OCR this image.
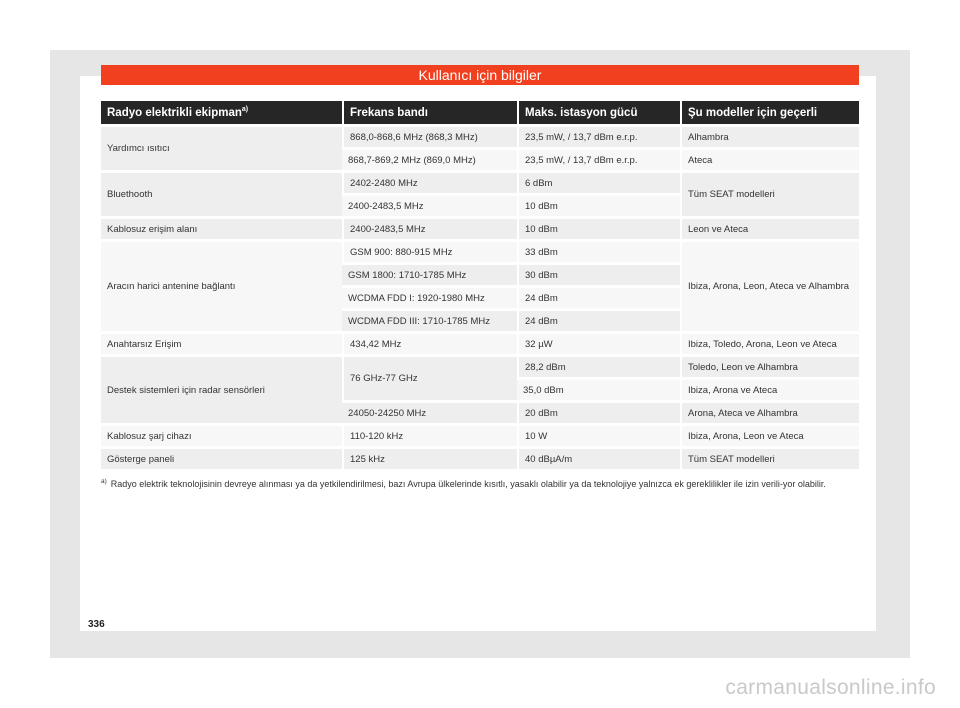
Kullanıcı için bilgiler
Radyo elektrikli ekipman$^{a)}$	Frekans bandı	Maks. istasyon gücü	Şu modeller için geçerli
Yardımcı ısıtıcı	868,0-868,6 MHz (868,3 MHz)	23,5 mW, / 13,7 dBm e.r.p.	Alhambra
	868,7-869,2 MHz (869,0 MHz)	23,5 mW, / 13,7 dBm e.r.p.	Ateca
Bluethooth	2402-2480 MHz	6 dBm	Tüm SEAT modelleri
	2400-2483,5 MHz	10 dBm	
Kablosuz erişim alanı	2400-2483,5 MHz	10 dBm	Leon ve Ateca
Aracın harici antenine bağlantı	GSM 900: 880-915 MHz	33 dBm	Ibiza, Arona, Leon, Ateca ve Alhambra
	GSM 1800: 1710-1785 MHz	30 dBm	
	WCDMA FDD I: 1920-1980 MHz	24 dBm	
	WCDMA FDD III: 1710-1785 MHz	24 dBm	
Anahtarsız Erişim	434,42 MHz	32 µW	Ibiza, Toledo, Arona, Leon ve Ateca
Destek sistemleri için radar sensörleri	76 GHz-77 GHz	28,2 dBm	Toledo, Leon ve Alhambra
		35,0 dBm	Ibiza, Arona ve Ateca
	24050-24250 MHz	20 dBm	Arona, Ateca ve Alhambra
Kablosuz şarj cihazı	110-120 kHz	10 W	Ibiza, Arona, Leon ve Ateca
Gösterge paneli	125 kHz	40 dBµA/m	Tüm SEAT modelleri
$^{a)}$ Radyo elektrik teknolojisinin devreye alınması ya da yetkilendirilmesi, bazı Avrupa ülkelerinde kısıtlı, yasaklı olabilir ya da teknolojiye yalnızca ek gereklilikler ile izin verili-yor olabilir.
336
carmanualsonline.info
